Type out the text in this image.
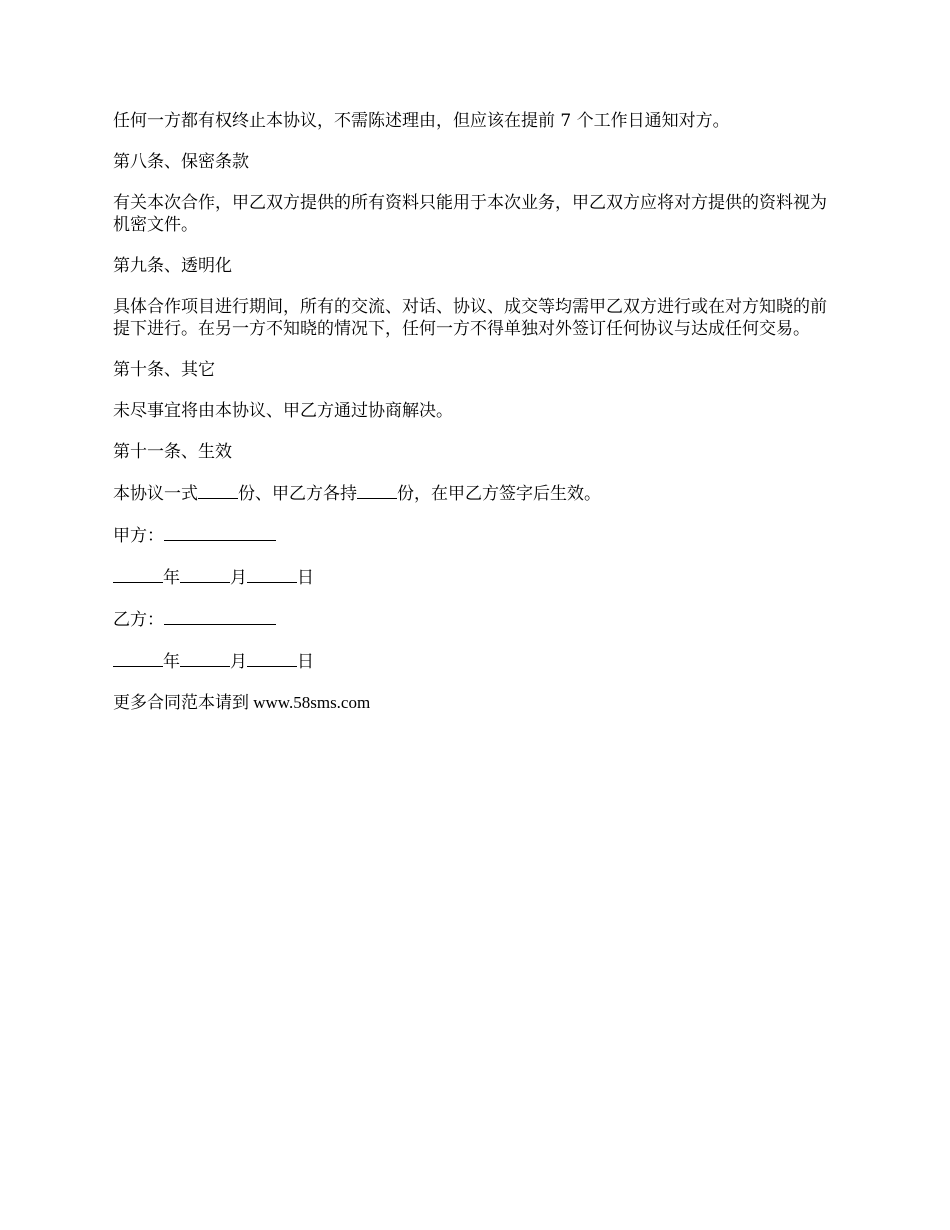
任何一方都有权终止本协议，不需陈述理由，但应该在提前 7 个工作日通知对方。

第八条、保密条款

有关本次合作，甲乙双方提供的所有资料只能用于本次业务，甲乙双方应将对方提供的资料视为机密文件。

第九条、透明化

具体合作项目进行期间，所有的交流、对话、协议、成交等均需甲乙双方进行或在对方知晓的前提下进行。在另一方不知晓的情况下，任何一方不得单独对外签订任何协议与达成任何交易。

第十条、其它

未尽事宜将由本协议、甲乙方通过协商解决。

第十一条、生效

本协议一式 份、甲乙方各持 份，在甲乙方签字后生效。

甲方：

年	月	日

乙方：

年	月	日

更多合同范本请到 www.58sms.com
